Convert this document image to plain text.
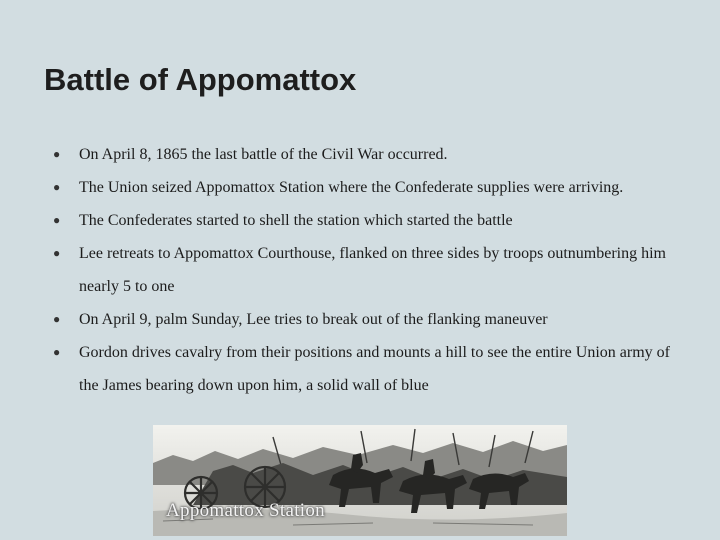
Battle of Appomattox
● On April 8, 1865 the last battle of the Civil War occurred.
● The Union seized Appomattox Station where the Confederate supplies were arriving.
● The Confederates started to shell the station which started the battle
● Lee retreats to Appomattox Courthouse, flanked on three sides by troops outnumbering him nearly 5 to one
● On April 9, palm Sunday, Lee tries to break out of the flanking maneuver
● Gordon drives cavalry from their positions and mounts a hill to see the entire Union army of the James bearing down upon him, a solid wall of blue
Appomattox Station
